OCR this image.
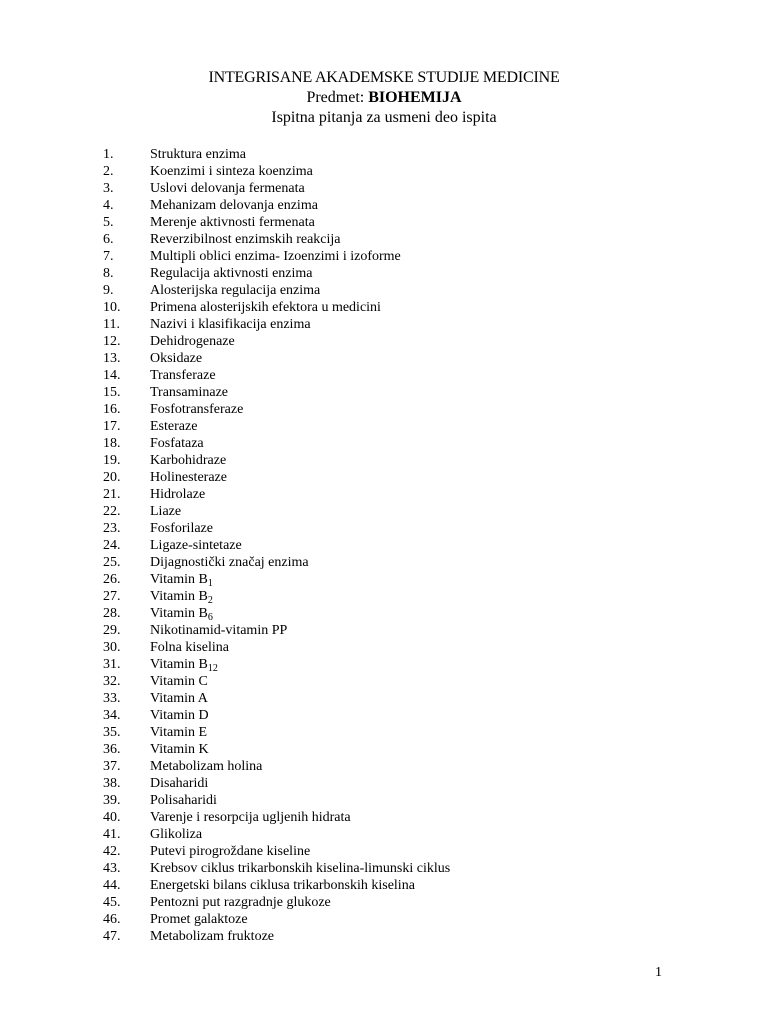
INTEGRISANE AKADEMSKE STUDIJE MEDICINE

Predmet: BIOHEMIJA

Ispitna pitanja za usmeni deo ispita

1.	Struktura enzima
2.	Koenzimi i sinteza koenzima
3.	Uslovi delovanja fermenata
4.	Mehanizam delovanja enzima
5.	Merenje aktivnosti fermenata
6.	Reverzibilnost enzimskih reakcija
7.	Multipli oblici enzima- Izoenzimi i izoforme
8.	Regulacija aktivnosti enzima
9.	Alosterijska regulacija enzima
10.	Primena alosterijskih efektora u medicini
11.	Nazivi i klasifikacija enzima
12.	Dehidrogenaze
13.	Oksidaze
14.	Transferaze
15.	Transaminaze
16.	Fosfotransferaze
17.	Esteraze
18.	Fosfataza
19.	Karbohidraze
20.	Holinesteraze
21.	Hidrolaze
22.	Liaze
23.	Fosforilaze
24.	Ligaze-sintetaze
25.	Dijagnostički značaj enzima
26.	Vitamin $B_1$
27.	Vitamin $B_2$
28.	Vitamin $B_6$
29.	Nikotinamid-vitamin PP
30.	Folna kiselina
31.	Vitamin $B_{12}$
32.	Vitamin C
33.	Vitamin A
34.	Vitamin D
35.	Vitamin E
36.	Vitamin K
37.	Metabolizam holina
38.	Disaharidi
39.	Polisaharidi
40.	Varenje i resorpcija ugljenih hidrata
41.	Glikoliza
42.	Putevi pirogroždane kiseline
43.	Krebsov ciklus trikarbonskih kiselina-limunski ciklus
44.	Energetski bilans ciklusa trikarbonskih kiselina
45.	Pentozni put razgradnje glukoze
46.	Promet galaktoze
47.	Metabolizam fruktoze
1
